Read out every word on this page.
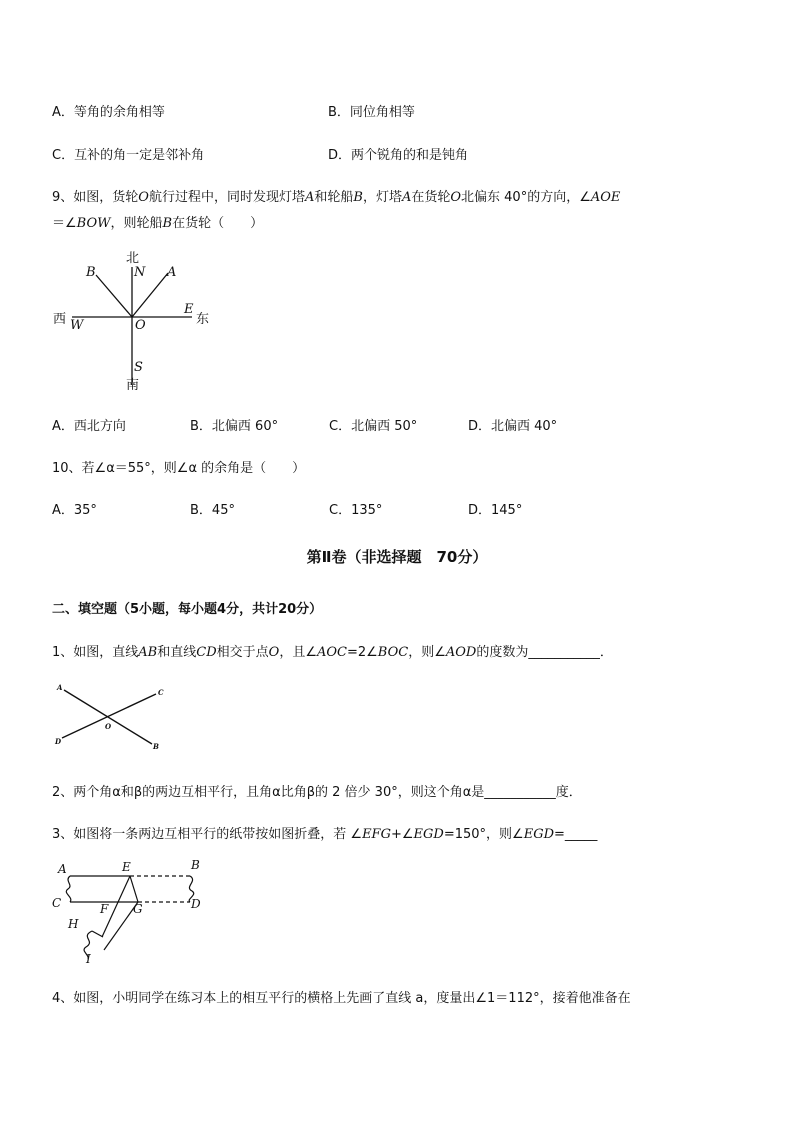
A．等角的余角相等	B．同位角相等
C．互补的角一定是邻补角	D．两个锐角的和是钝角
9、如图，货轮O航行过程中，同时发现灯塔A和轮船B，灯塔A在货轮O北偏东 40°的方向，∠AOE
＝∠BOW，则轮船B在货轮（　　）
北
N
B	A
E
东
西 W	O
S
南
A．西北方向	B．北偏西 60°	C．北偏西 50°	D．北偏西 40°
10、若∠α＝55°，则∠α 的余角是（　　）
A．35°	B．45°	C．135°	D．145°
第Ⅱ卷（非选择题　70分）
二、填空题（5小题，每小题4分，共计20分）
1、如图，直线AB和直线CD相交于点O，且∠AOC=2∠BOC，则∠AOD的度数为___________．
A
C
D
B
O
2、两个角α和β的两边互相平行，且角α比角β的 2 倍少 30°，则这个角α是___________度．
3、如图将一条两边互相平行的纸带按如图折叠，若 ∠EFG+∠EGD=150°，则∠EGD=_____
A	E	B
C	F G	D
H
I
4、如图，小明同学在练习本上的相互平行的横格上先画了直线 a，度量出∠1＝112°，接着他准备在
